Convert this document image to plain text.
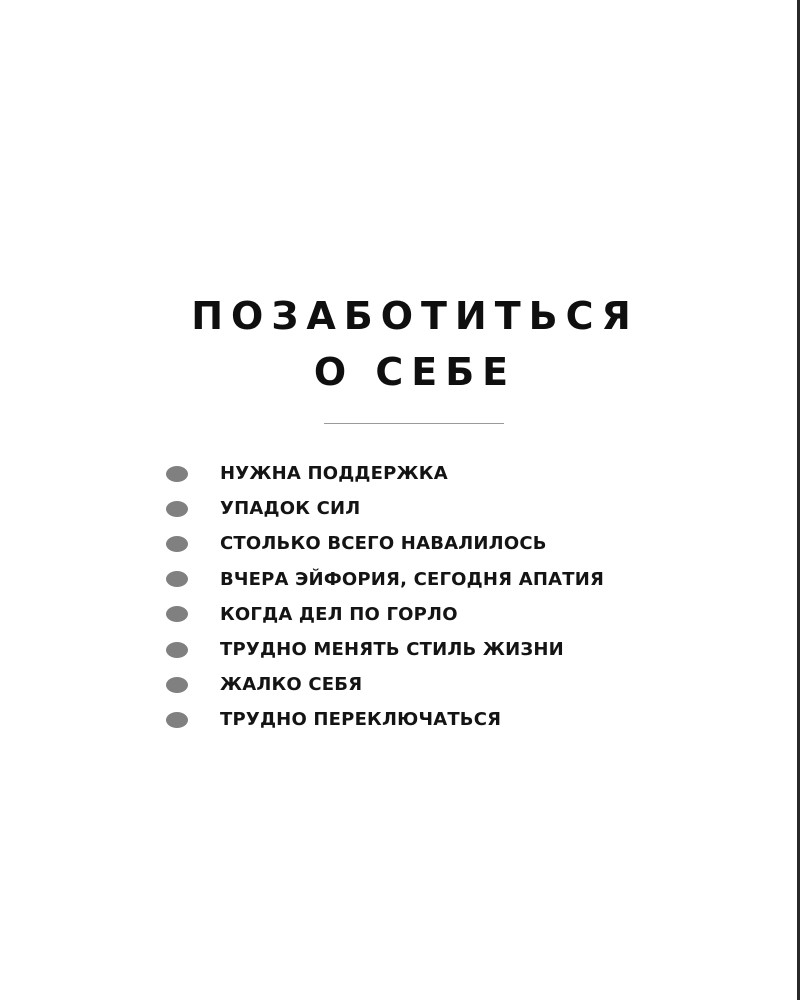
ПОЗАБОТИТЬСЯ
О СЕБЕ
НУЖНА ПОДДЕРЖКА
УПАДОК СИЛ
СТОЛЬКО ВСЕГО НАВАЛИЛОСЬ
ВЧЕРА ЭЙФОРИЯ, СЕГОДНЯ АПАТИЯ
КОГДА ДЕЛ ПО ГОРЛО
ТРУДНО МЕНЯТЬ СТИЛЬ ЖИЗНИ
ЖАЛКО СЕБЯ
ТРУДНО ПЕРЕКЛЮЧАТЬСЯ
